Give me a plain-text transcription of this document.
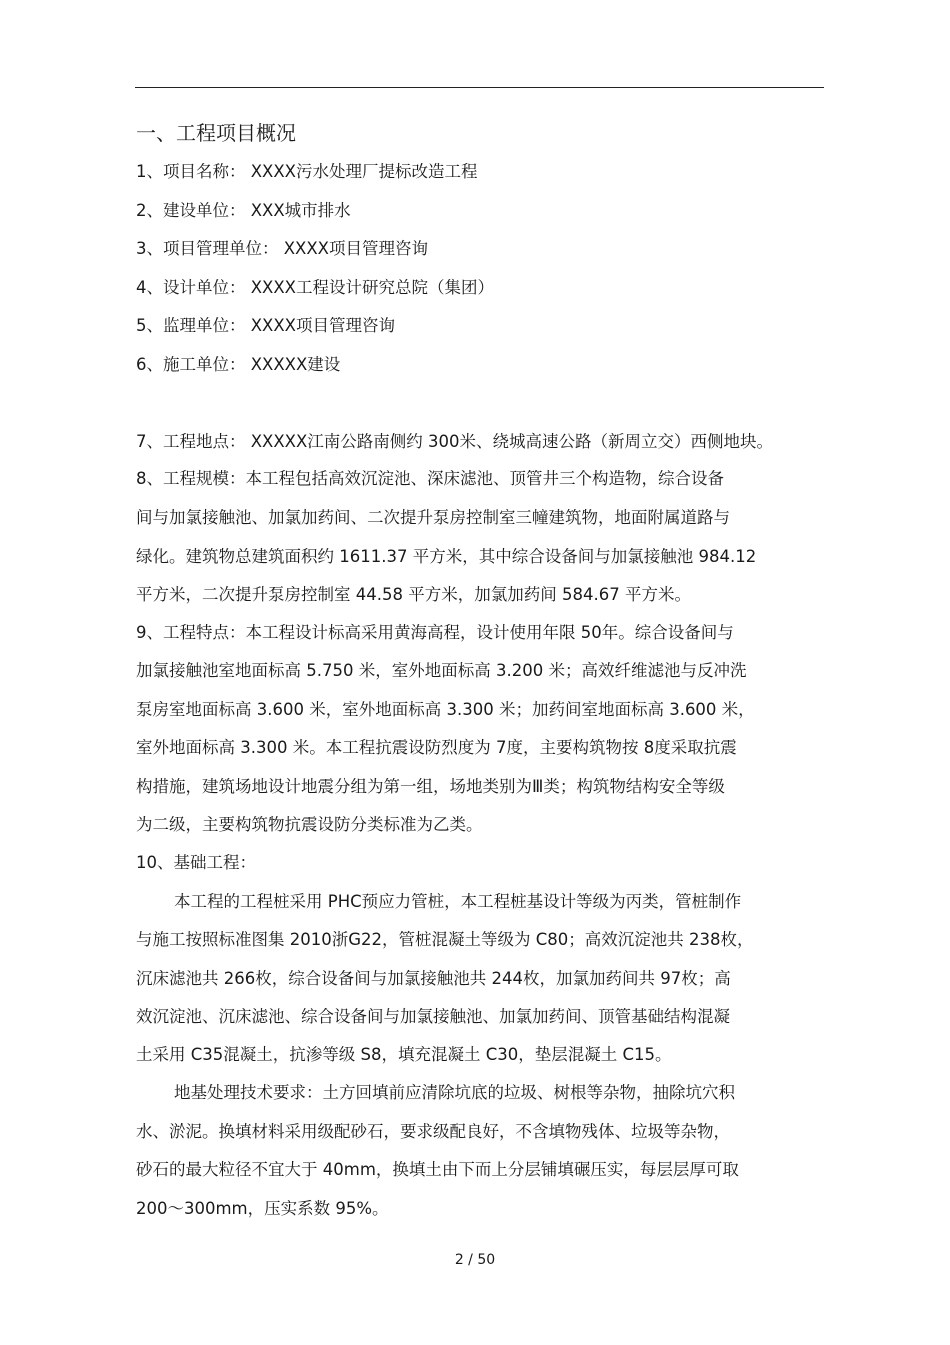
一、工程项目概况
1、项目名称： XXXX污水处理厂提标改造工程
2、建设单位： XXX城市排水
3、项目管理单位： XXXX项目管理咨询
4、设计单位： XXXX工程设计研究总院（集团）
5、监理单位： XXXX项目管理咨询
6、施工单位： XXXXX建设
7、工程地点： XXXXX江南公路南侧约 300米、绕城高速公路（新周立交）西侧地块。
8、工程规模：本工程包括高效沉淀池、深床滤池、顶管井三个构造物，综合设备
间与加氯接触池、加氯加药间、二次提升泵房控制室三幢建筑物，地面附属道路与
绿化。建筑物总建筑面积约 1611.37 平方米，其中综合设备间与加氯接触池 984.12
平方米，二次提升泵房控制室 44.58 平方米，加氯加药间 584.67 平方米。
9、工程特点：本工程设计标高采用黄海高程，设计使用年限 50年。综合设备间与
加氯接触池室地面标高 5.750 米，室外地面标高 3.200 米；高效纤维滤池与反冲洗
泵房室地面标高 3.600 米，室外地面标高 3.300 米；加药间室地面标高 3.600 米，
室外地面标高 3.300 米。本工程抗震设防烈度为 7度，主要构筑物按 8度采取抗震
构措施，建筑场地设计地震分组为第一组，场地类别为Ⅲ类；构筑物结构安全等级
为二级，主要构筑物抗震设防分类标准为乙类。
10、基础工程：
本工程的工程桩采用 PHC预应力管桩，本工程桩基设计等级为丙类，管桩制作
与施工按照标准图集 2010浙G22，管桩混凝土等级为 C80；高效沉淀池共 238枚，
沉床滤池共 266枚，综合设备间与加氯接触池共 244枚，加氯加药间共 97枚；高
效沉淀池、沉床滤池、综合设备间与加氯接触池、加氯加药间、顶管基础结构混凝
土采用 C35混凝土，抗渗等级 S8，填充混凝土 C30，垫层混凝土 C15。
地基处理技术要求：土方回填前应清除坑底的垃圾、树根等杂物，抽除坑穴积
水、淤泥。换填材料采用级配砂石，要求级配良好，不含填物残体、垃圾等杂物，
砂石的最大粒径不宜大于 40mm，换填土由下而上分层铺填碾压实，每层层厚可取
200～300mm，压实系数 95%。
2 / 50
